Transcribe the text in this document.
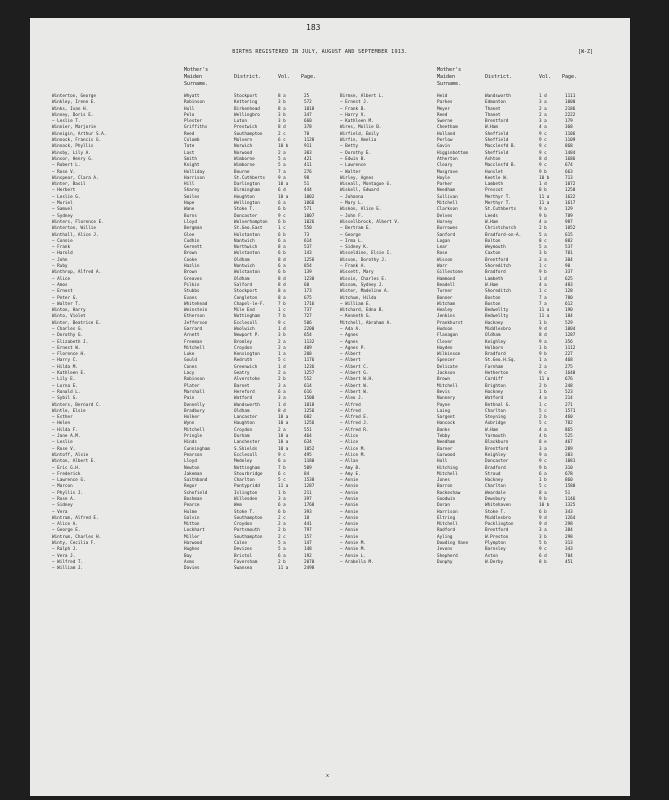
183
BIRTHS REGISTERED IN JULY, AUGUST AND SEPTEMBER 1913.	[W-Z]
Mother's Maiden Surname.
District.	Vol. Page.
Mother's Maiden Surname.
District.	Vol. Page.
Winterton, George	Whyatt	Stockport	8 a	25
Winkley, Irene E.	Robinson	Kettering	3 b	572
Winks, Ivan H.	Hull	Birkenhead	8 a	1018
Winney, Doris E.	Pelo	Wellingbro	3 b	347
— Leslie T.	Plester	Luton	3 b	660
Winnier, Marjorie	Griffiths	Prestwich	8 d	378
Winnigin, Arthur S.A.	Reed	Southampton	2 c	70
Winnock, Francis G.	Colomb	Malvern	6 c	1128
Winnock, Phyllis	Tate	Norwich	10 b	911
Winsby, Lily A.	Last	Norwood	2 a	303
Winsor, Henry G.	Smith	Wimborne	5 a	421
— Robert L.	Knight	Wimborne	5 a	411
— Rose V.	Holliday	Bourne	7 a	276
Winspear, Clara A.	Harrison	St.Cuthberts	9 a	98
Winter, Basil	Hill	Darlington	10 a	51
— Herbert	Sharey	Birmingham	6 d	444
— Leslie G.	Smiles	Houghton	10 a	1002
— Muriel	Hope	Wellington	6 a	1066
— Samuel	Wane	Stoke T.	6 b	571
— Sydney	Burns	Doncaster	9 c	1007
Winters, Florence E.	Lloyd	Wolverhampton 6 b	1026
Winterton, Willie	Bergman	St.Geo.East	1 c	550
Winthall, Alice J.	Glee	Holstanton	6 b	73
— Connie	Cudhin	Nantwich	6 a	614
— Frank	Gernett	Northwich	8 a	537
— Harold	Brown	Wolstanton	6 b	143
— John	Cooke	Oldham	8 d	1256
— Ruby	Hazlin	Nantwich	6 a	854
Winthrop, Alfred A.	Brown	Wolstanton	6 b	139
— Alice	Greaves	Oldham	8 d	1230
— Amos	Pilkin	Salford	8 d	60
— Ernest	Stubbs	Stockport	8 a	173
— Peter G.	Evans	Congleton	8 a	675
— Walter T.	Whitehead	Chapel-le-F.	7 b	1716
Winton, Harry	Weinstein	Mile End	1 c	737
Winto, Violet	Etherson	Nottingham	7 b	727
Winter, Beatrice E.	Jefferson	Ecclesall	9 c	506
— Charles G.	Garrard	Woolwich	1 d	2200
— Dorothy G.	Arnett	Newport P.	3 b	654
— Elizabeth J.	Freeman	Bromley	2 a	1132
— Ernest W.	Mitchell	Croydon	2 a	409
— Florence H.	Luke	Kensington	1 a	208
— Harry C.	Gould	Redruth	5 c	1176
— Hilda M.	Cones	Greenwich	1 d	1236
— Kathleen E.	Lacy	Geatry	2 a	1257
— Lily E.	Robinson	Alverstoke	2 b	552
— Lorna E.	Plater	Barnet	3 a	614
— Ronald L.	Marshall	Hereford	6 a	616
— Sybil G.	Pain	Watford	3 a	1508
Winters, Bernard C.	Donnelly	Wandsworth	1 d	1018
Wintle, Elsie	Bradbury	Oldham	8 d	1256
— Esther	Holker	Lancaster	10 a	682
— Helen	Wynn	Haughton	10 a	1256
— Hilda F.	Mitchell	Croydon	2 a	551
— Jane A.M.	Pringle	Durham	10 a	464
— Leslie	Hinds	Lanchester	10 a	634
— Rose V.	Cunningham	S.Shields	10 a	1052
Wintoff, Alsie	Pearson	Ecclesall	9 c	495
Winton, Albert E.	Lloyd	Medeley	6 a	1180
— Eric G.H.	Newton	Nottingham	7 b	509
— Frederick	Jakeman	Stourbridge	6 c	84
— Lawrence G.	Saithband	Charlton	5 c	1538
— Marcon	Regor	Pontypridd	11 a	1287
— Phyllis J.	Schofield	Islington	1 b	211
— Rose A.	Boshman	Willesden	3 a	397
— Sidney	Pearce	Wem	6 a	1768
— Vera	Hulme	Stoke T.	6 b	393
Wintram, Alfred E.	Galvin	Southampton	2 c	10
— Alice A.	Mitton	Croydon	2 a	441
— George E.	Lockhart	Portsmouth	2 b	797
Wintrum, Charles H.	Miller	Southampton	2 c	157
Winty, Cecilia F.	Harwood	Calne	5 a	147
— Ralph J.	Hughes	Devizes	5 a	148
— Vera J.	Bay	Bristol	6 a	192
— Wilfred T.	Asms	Faversham	2 b	2070
— William J.	Davies	Swansea	11 a	2498
Birmse, Albert L.	Heid	Wandsworth	1 d	1111
— Ernest J.	Parkes	Edmonton	3 a	1000
— Frank B.	Meyer	Thanet	2 a	2186
— Harry V.	Reed	Thanet	2 a	2222
— Kathleen M.	Swerne	Brentford	3 a	179
Wires, Mollie B.	Cheetham	W.Ham	4 a	368
Wirfield, Emily	Holland	Sheffield	9 c	1106
Wirfin, Amelia	Perlow	Sheffield	9 c	1109
— Betty	Gavin	Macclesfd B.	9 c	868
— Dorothy E.	Higginbottom	Sheffield	9 c	1484
— Edwin B.	Atherton	Ashton	8 d	1686
— Lawrence	Cleary	Macclesfd B.	9 c	674
— Walter	Musgrave	Hunslet	9 b	663
Wirley, Agnes	Hoyle	Keetle W.	10 b	713
Wiseall, Montague G.	Parker	Lambeth	1 d	1072
Wiskell, Edward	Needham	Prescot	8 b	1258
— Johanna	Sullivan	Merthyr T.	11 a	1622
— Mary L.	Mitchell	Merthyr T.	11 a	1617
Wiskon, Alice E.	Clarkson	St.Cuthberts	9 a	129
— John F.	Delves	Leeds	9 b	789
Wissellbrock, Albert V.	Harvey	W.Ham	4 a	987
— Bertram E.	Burrowes	Christchurch	2 b	1052
— George	Sanford	Bradford-on-A.	5 a	615
— Irma L.	Logan	Bolton	8 c	882
— Sidney K.	Lear	Weymouth	5 a	537
Wisseldine, Elsie I.	Rose	Caxton	3 b	701
Wisson, Dorothy J.	Wisson	Brentford	3 a	304
— Frank A.	Warr	Shoreditch	1 c	90
Wissett, Mary	Gillestone	Bradford	9 b	337
Wissin, Charles E.	Hammond	Lambeth	1 d	625
Wissom, Sydney J.	Beadell	W.Ham	4 a	483
Wister, Madeline A.	Turner	Shoreditch	1 c	128
Witchum, Hilda	Bonner	Boston	7 a	780
— William E.	Witcham	Boston	7 a	612
Witchard, Edna B.	Healey	Bedwellty	11 a	190
— Kenneth G.	Jenkins	Bedwellty	11 a	184
Mitchell, Abraham A.	Prankhurst	Hackney	1 b	529
— Ada A.	Hudson	Middlesbro	9 d	1004
— Agnes	Flanagan	Oldham	8 d	1287
— Agnes	Clever	Keighley	9 a	356
— Agnes P.	Hayden	Holborn	1 b	1112
— Albert	Wilkinson	Bradford	9 b	227
— Albert	Spencer	St.Geo.H.Sq.	1 a	468
— Albert C.	Delicate	Farnham	2 a	275
— Albert G.	Jackson	Hetherton	9 c	1640
— Albert W.H.	Brown	Cardiff	11 a	676
— Albert W.	Mitchell	Brighton	2 b	248
— Albert W.	Bevis	Hackney	1 b	523
— Aleo J.	Nunnery	Watford	4 a	214
— Alfred	Payne	Bethnal G.	1 c	271
— Alfred	Laing	Charlton	5 c	1571
— Alfred E.	Sargent	Steyning	2 b	460
— Alfred J.	Hancock	Axbridge	5 c	782
— Alfred R.	Banks	W.Ham	4 a	865
— Alice	Tebby	Yarmouth	4 b	525
— Alice	Needham	Blackburn	8 e	467
— Alice M.	Barner	Brentford	3 a	289
— Alice M.	Garwood	Keighley	9 a	383
— Allan	Hall	Doncaster	9 c	1081
— Amy B.	Hitching	Bradford	9 b	310
— Amy E.	Mitchell	Stroud	6 a	678
— Annie	Jones	Hackney	1 b	860
— Annie	Barron	Charlton	5 c	1580
— Annie	Rockeshaw	Weardale	8 a	51
— Annie	Goodwin	Dewsbury	9 b	1146
— Annie	Doran	Whitehaven	10 b	1325
— Annie	Harrison	Stoke T.	6 b	343
— Annie	Eltring	Middlesbro	9 d	1264
— Annie	Mitchell	Pocklington	9 d	298
— Annie	Radford	Brentford	3 a	384
— Annie	Ayling	W.Preston	3 b	298
— Annie M.	Dowding Vane	Plympton	5 b	313
— Annie M.	Jevons	Barnsley	9 c	343
— Annie L.	Shepherd	Aston	6 d	704
— Arabella M.	Dunphy	W.Derby	8 b	451
x
